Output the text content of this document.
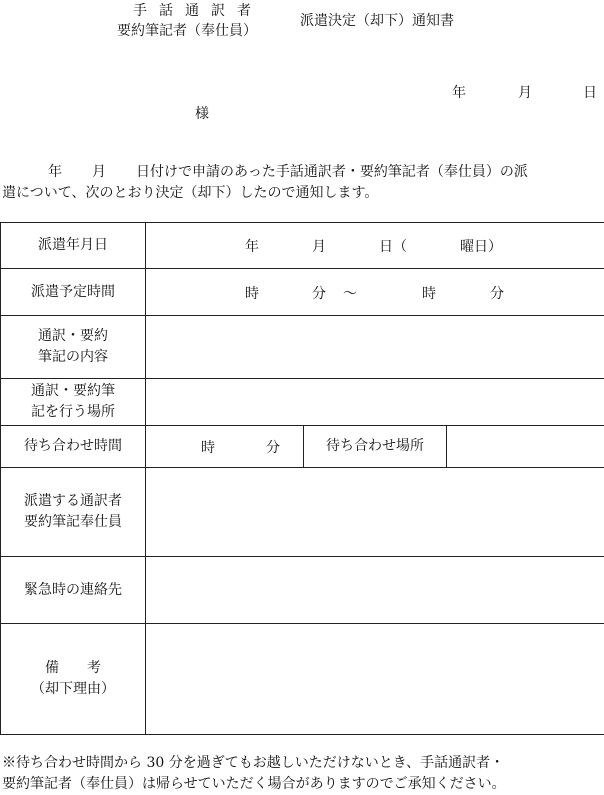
手話通訳者
要約筆記者（奉仕員）
派遣決定（却下）通知書
年	月	日
様
年 月 日付けで申請のあった手話通訳者・要約筆記者（奉仕員）の派
遣について、次のとおり決定（却下）したので通知します。
派遣年月日	年 月 日（ 曜日）		

派遣予定時間	時 分 ～ 時 分		

通訳・要約
筆記の内容			

通訳・要約筆
記を行う場所			

待ち合わせ時間	時 分	待ち合わせ場所	

派遣する通訳者
要約筆記奉仕員			

緊急時の連絡先			

備　　考
（却下理由）			

※待ち合わせ時間から 30 分を過ぎてもお越しいただけないとき、手話通訳者・
要約筆記者（奉仕員）は帰らせていただく場合がありますのでご承知ください。
